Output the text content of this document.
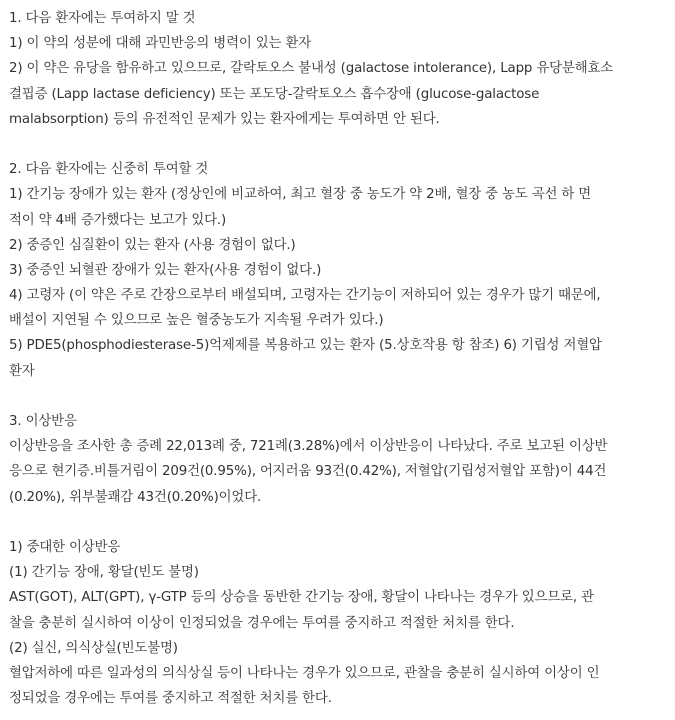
1. 다음 환자에는 투여하지 말 것
1) 이 약의 성분에 대해 과민반응의 병력이 있는 환자
2) 이 약은 유당을 함유하고 있으므로, 갈락토오스 불내성 (galactose intolerance), Lapp 유당분해효소
결핍증 (Lapp lactase deficiency) 또는 포도당-갈락토오스 흡수장애 (glucose-galactose
malabsorption) 등의 유전적인 문제가 있는 환자에게는 투여하면 안 된다.
2. 다음 환자에는 신중히 투여할 것
1) 간기능 장애가 있는 환자 (정상인에 비교하여, 최고 혈장 중 농도가 약 2배, 혈장 중 농도 곡선 하 면
적이 약 4배 증가했다는 보고가 있다.)
2) 중증인 심질환이 있는 환자 (사용 경험이 없다.)
3) 중증인 뇌혈관 장애가 있는 환자(사용 경험이 없다.)
4) 고령자 (이 약은 주로 간장으로부터 배설되며, 고령자는 간기능이 저하되어 있는 경우가 많기 때문에,
배설이 지연될 수 있으므로 높은 혈중농도가 지속될 우려가 있다.)
5) PDE5(phosphodiesterase-5)억제제를 복용하고 있는 환자 (5.상호작용 항 참조) 6) 기립성 저혈압
환자
3. 이상반응
이상반응을 조사한 총 증례 22,013례 중, 721례(3.28%)에서 이상반응이 나타났다. 주로 보고된 이상반
응으로 현기증.비틀거림이 209건(0.95%), 어지러움 93건(0.42%), 저혈압(기립성저혈압 포함)이 44건
(0.20%), 위부불쾌감 43건(0.20%)이었다.
1) 중대한 이상반응
(1) 간기능 장애, 황달(빈도 불명)
AST(GOT), ALT(GPT), γ-GTP 등의 상승을 동반한 간기능 장애, 황달이 나타나는 경우가 있으므로, 관
찰을 충분히 실시하여 이상이 인정되었을 경우에는 투여를 중지하고 적절한 처치를 한다.
(2) 실신, 의식상실(빈도불명)
혈압저하에 따른 일과성의 의식상실 등이 나타나는 경우가 있으므로, 관찰을 충분히 실시하여 이상이 인
정되었을 경우에는 투여를 중지하고 적절한 처치를 한다.
